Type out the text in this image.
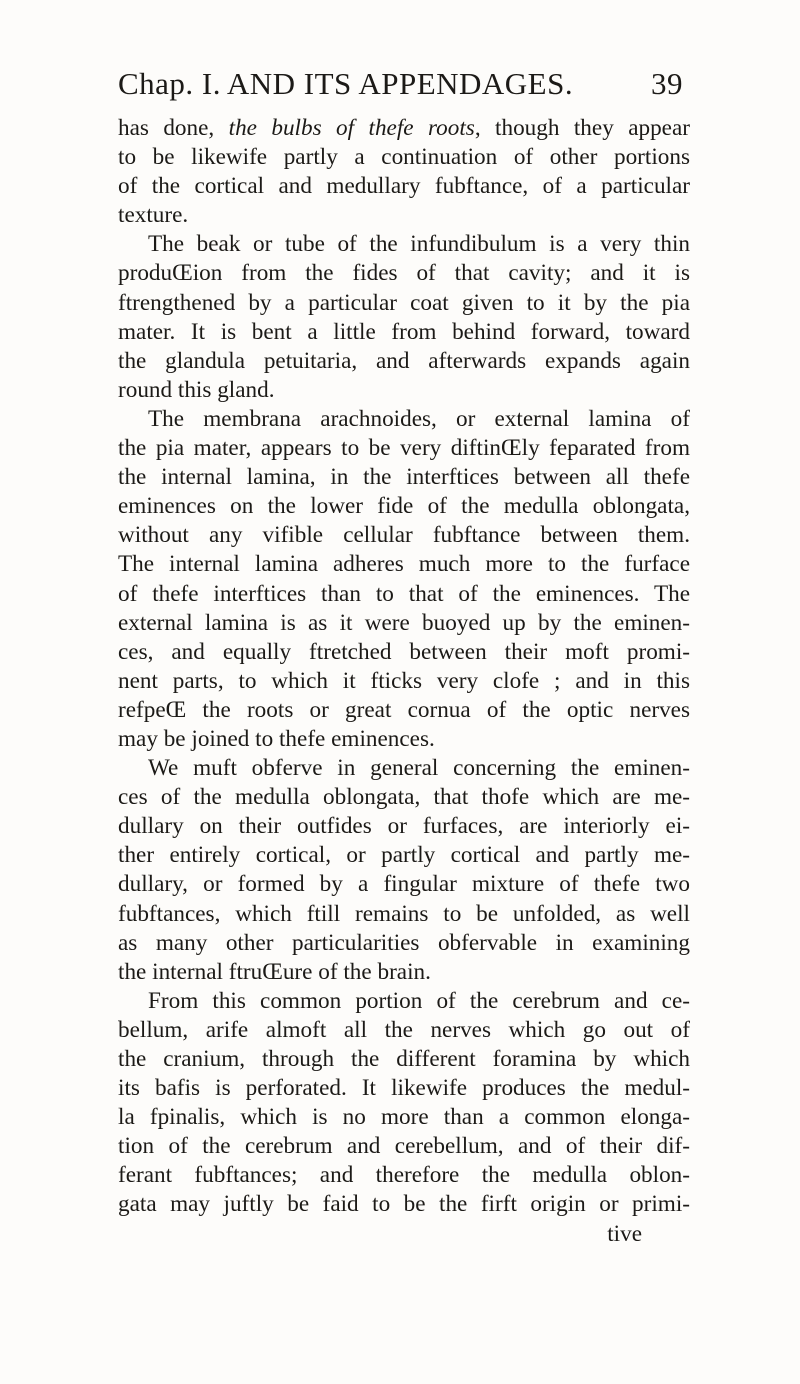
Chap. I. AND ITS APPENDAGES.	39
has done, the bulbs of thefe roots, though they appear
to be likewife partly a continuation of other portions
of the cortical and medullary fubftance, of a particular
texture.
The beak or tube of the infundibulum is a very thin
produŒion from the fides of that cavity; and it is
ftrengthened by a particular coat given to it by the pia
mater. It is bent a little from behind forward, toward
the glandula petuitaria, and afterwards expands again
round this gland.
The membrana arachnoides, or external lamina of
the pia mater, appears to be very diftinŒly feparated from
the internal lamina, in the interftices between all thefe
eminences on the lower fide of the medulla oblongata,
without any vifible cellular fubftance between them.
The internal lamina adheres much more to the furface
of thefe interftices than to that of the eminences. The
external lamina is as it were buoyed up by the eminen-
ces, and equally ftretched between their moft promi-
nent parts, to which it fticks very clofe ; and in this
refpeŒ the roots or great cornua of the optic nerves
may be joined to thefe eminences.
We muft obferve in general concerning the eminen-
ces of the medulla oblongata, that thofe which are me-
dullary on their outfides or furfaces, are interiorly ei-
ther entirely cortical, or partly cortical and partly me-
dullary, or formed by a fingular mixture of thefe two
fubftances, which ftill remains to be unfolded, as well
as many other particularities obfervable in examining
the internal ftruŒure of the brain.
From this common portion of the cerebrum and ce-
bellum, arife almoft all the nerves which go out of
the cranium, through the different foramina by which
its bafis is perforated. It likewife produces the medul-
la fpinalis, which is no more than a common elonga-
tion of the cerebrum and cerebellum, and of their dif-
ferant fubftances; and therefore the medulla oblon-
gata may juftly be faid to be the firft origin or primi-
tive
